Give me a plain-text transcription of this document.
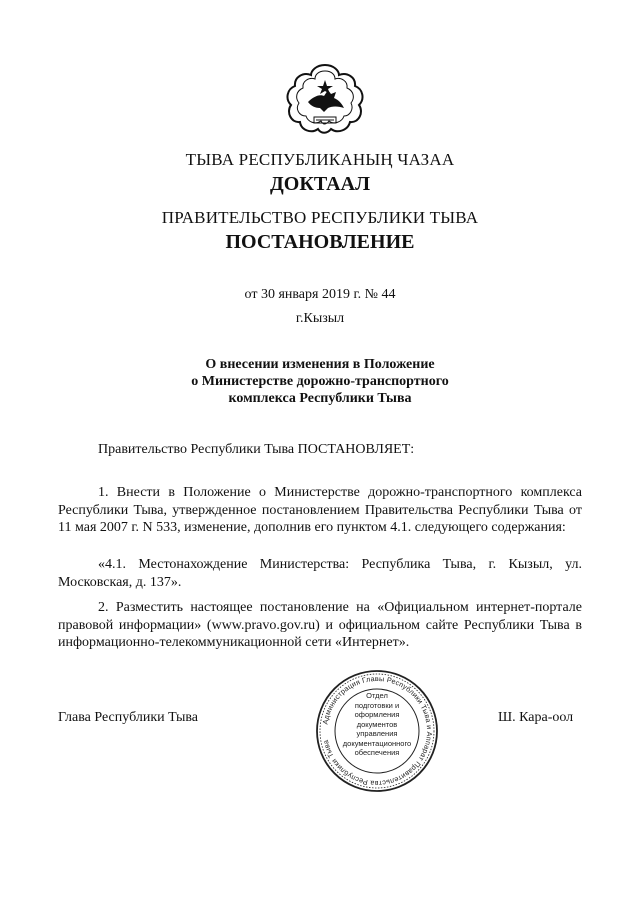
ТЫВА РЕСПУБЛИКАНЫҢ ЧАЗАА
ДОКТААЛ
ПРАВИТЕЛЬСТВО РЕСПУБЛИКИ ТЫВА
ПОСТАНОВЛЕНИЕ
от 30 января 2019 г. № 44
г.Кызыл
О внесении изменения в Положение
о Министерстве дорожно-транспортного
комплекса Республики Тыва
Правительство Республики Тыва ПОСТАНОВЛЯЕТ:
1. Внести в Положение о Министерстве дорожно-транспортного комплекса Республики Тыва, утвержденное постановлением Правительства Республики Тыва от 11 мая 2007 г. N 533, изменение, дополнив его пунктом 4.1. следующего содержания:
«4.1. Местонахождение Министерства: Республика Тыва, г. Кызыл, ул. Московская, д. 137».
2. Разместить настоящее постановление на «Официальном интернет-портале правовой информации» (www.pravo.gov.ru) и официальном сайте Республики Тыва в информационно-телекоммуникационной сети «Интернет».
Администрация Главы Республики Тыва и Аппарат Правительства Республики Тыва
Отдел
подготовки и
оформления документов
управления
документационного
обеспечения
Глава Республики Тыва	Ш. Кара-оол
